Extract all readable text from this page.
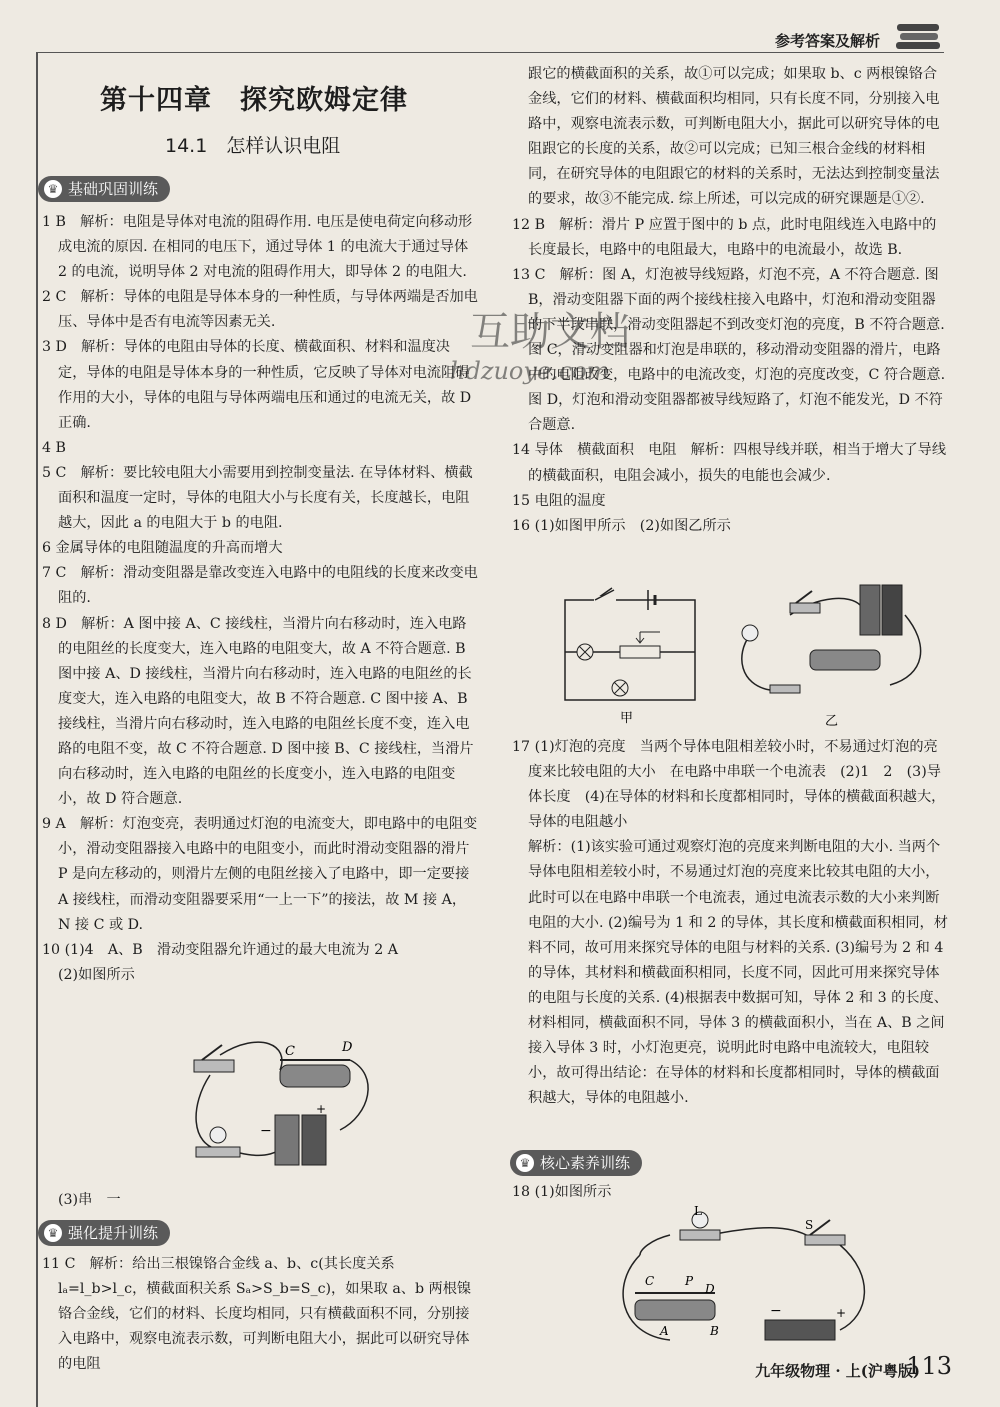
参考答案及解析
第十四章　探究欧姆定律
14.1　怎样认识电阻
♛ 基础巩固训练

1 B　解析：电阻是导体对电流的阻碍作用. 电压是使电荷定向移动形成电流的原因. 在相同的电压下，通过导体 1 的电流大于通过导体 2 的电流，说明导体 2 对电流的阻碍作用大，即导体 2 的电阻大.

2 C　解析：导体的电阻是导体本身的一种性质，与导体两端是否加电压、导体中是否有电流等因素无关.

3 D　解析：导体的电阻由导体的长度、横截面积、材料和温度决定，导体的电阻是导体本身的一种性质，它反映了导体对电流阻碍作用的大小，导体的电阻与导体两端电压和通过的电流无关，故 D 正确.

4 B

5 C　解析：要比较电阻大小需要用到控制变量法. 在导体材料、横截面积和温度一定时，导体的电阻大小与长度有关，长度越长，电阻越大，因此 a 的电阻大于 b 的电阻.

6 金属导体的电阻随温度的升高而增大

7 C　解析：滑动变阻器是靠改变连入电路中的电阻线的长度来改变电阻的.

8 D　解析：A 图中接 A、C 接线柱，当滑片向右移动时，连入电路的电阻丝的长度变大，连入电路的电阻变大，故 A 不符合题意. B 图中接 A、D 接线柱，当滑片向右移动时，连入电路的电阻丝的长度变大，连入电路的电阻变大，故 B 不符合题意. C 图中接 A、B 接线柱，当滑片向右移动时，连入电路的电阻丝长度不变，连入电路的电阻不变，故 C 不符合题意. D 图中接 B、C 接线柱，当滑片向右移动时，连入电路的电阻丝的长度变小，连入电路的电阻变小，故 D 符合题意.

9 A　解析：灯泡变亮，表明通过灯泡的电流变大，即电路中的电阻变小，滑动变阻器接入电路中的电阻变小，而此时滑动变阻器的滑片 P 是向左移动的，则滑片左侧的电阻丝接入了电路中，即一定要接 A 接线柱，而滑动变阻器要采用“一上一下”的接法，故 M 接 A，N 接 C 或 D.

10 (1)4　A、B　滑动变阻器允许通过的最大电流为 2 A

(2)如图所示

C	D
+
−
(3)串　一
♛ 强化提升训练

11 C　解析：给出三根镍铬合金线 a、b、c(其长度关系 lₐ=l_b>l_c，横截面积关系 Sₐ>S_b=S_c)，如果取 a、b 两根镍铬合金线，它们的材料、长度均相同，只有横截面积不同，分别接入电路中，观察电流表示数，可判断电阻大小，据此可以研究导体的电阻

跟它的横截面积的关系，故①可以完成；如果取 b、c 两根镍铬合金线，它们的材料、横截面积均相同，只有长度不同，分别接入电路中，观察电流表示数，可判断电阻大小，据此可以研究导体的电阻跟它的长度的关系，故②可以完成；已知三根合金线的材料相同，在研究导体的电阻跟它的材料的关系时，无法达到控制变量法的要求，故③不能完成. 综上所述，可以完成的研究课题是①②.

12 B　解析：滑片 P 应置于图中的 b 点，此时电阻线连入电路中的长度最长，电路中的电阻最大，电路中的电流最小，故选 B.

13 C　解析：图 A，灯泡被导线短路，灯泡不亮，A 不符合题意. 图 B，滑动变阻器下面的两个接线柱接入电路中，灯泡和滑动变阻器的下半段串联，滑动变阻器起不到改变灯泡的亮度，B 不符合题意. 图 C，滑动变阻器和灯泡是串联的，移动滑动变阻器的滑片，电路中的电阻改变，电路中的电流改变，灯泡的亮度改变，C 符合题意. 图 D，灯泡和滑动变阻器都被导线短路了，灯泡不能发光，D 不符合题意.

14 导体　横截面积　电阻　解析：四根导线并联，相当于增大了导线的横截面积，电阻会减小，损失的电能也会减少.

15 电阻的温度

16 (1)如图甲所示　(2)如图乙所示

甲	乙

17 (1)灯泡的亮度　当两个导体电阻相差较小时，不易通过灯泡的亮度来比较电阻的大小　在电路中串联一个电流表　(2)1　2　(3)导体长度　(4)在导体的材料和长度都相同时，导体的横截面积越大，导体的电阻越小

解析：(1)该实验可通过观察灯泡的亮度来判断电阻的大小. 当两个导体电阻相差较小时，不易通过灯泡的亮度来比较其电阻的大小，此时可以在电路中串联一个电流表，通过电流表示数的大小来判断电阻的大小. (2)编号为 1 和 2 的导体，其长度和横截面积相同，材料不同，故可用来探究导体的电阻与材料的关系. (3)编号为 2 和 4 的导体，其材料和横截面积相同，长度不同，因此可用来探究导体的电阻与长度的关系. (4)根据表中数据可知，导体 2 和 3 的长度、材料相同，横截面积不同，导体 3 的横截面积小，当在 A、B 之间接入导体 3 时，小灯泡更亮，说明此时电路中电流较大，电阻较小，故可得出结论：在导体的材料和长度都相同时，导体的横截面积越大，导体的电阻越小.

♛ 核心素养训练
18 (1)如图所示
L
S
C	P
D
A	B
−	+
互助文档
hdzuoye.com
九年级物理 · 上(沪粤版)
113
